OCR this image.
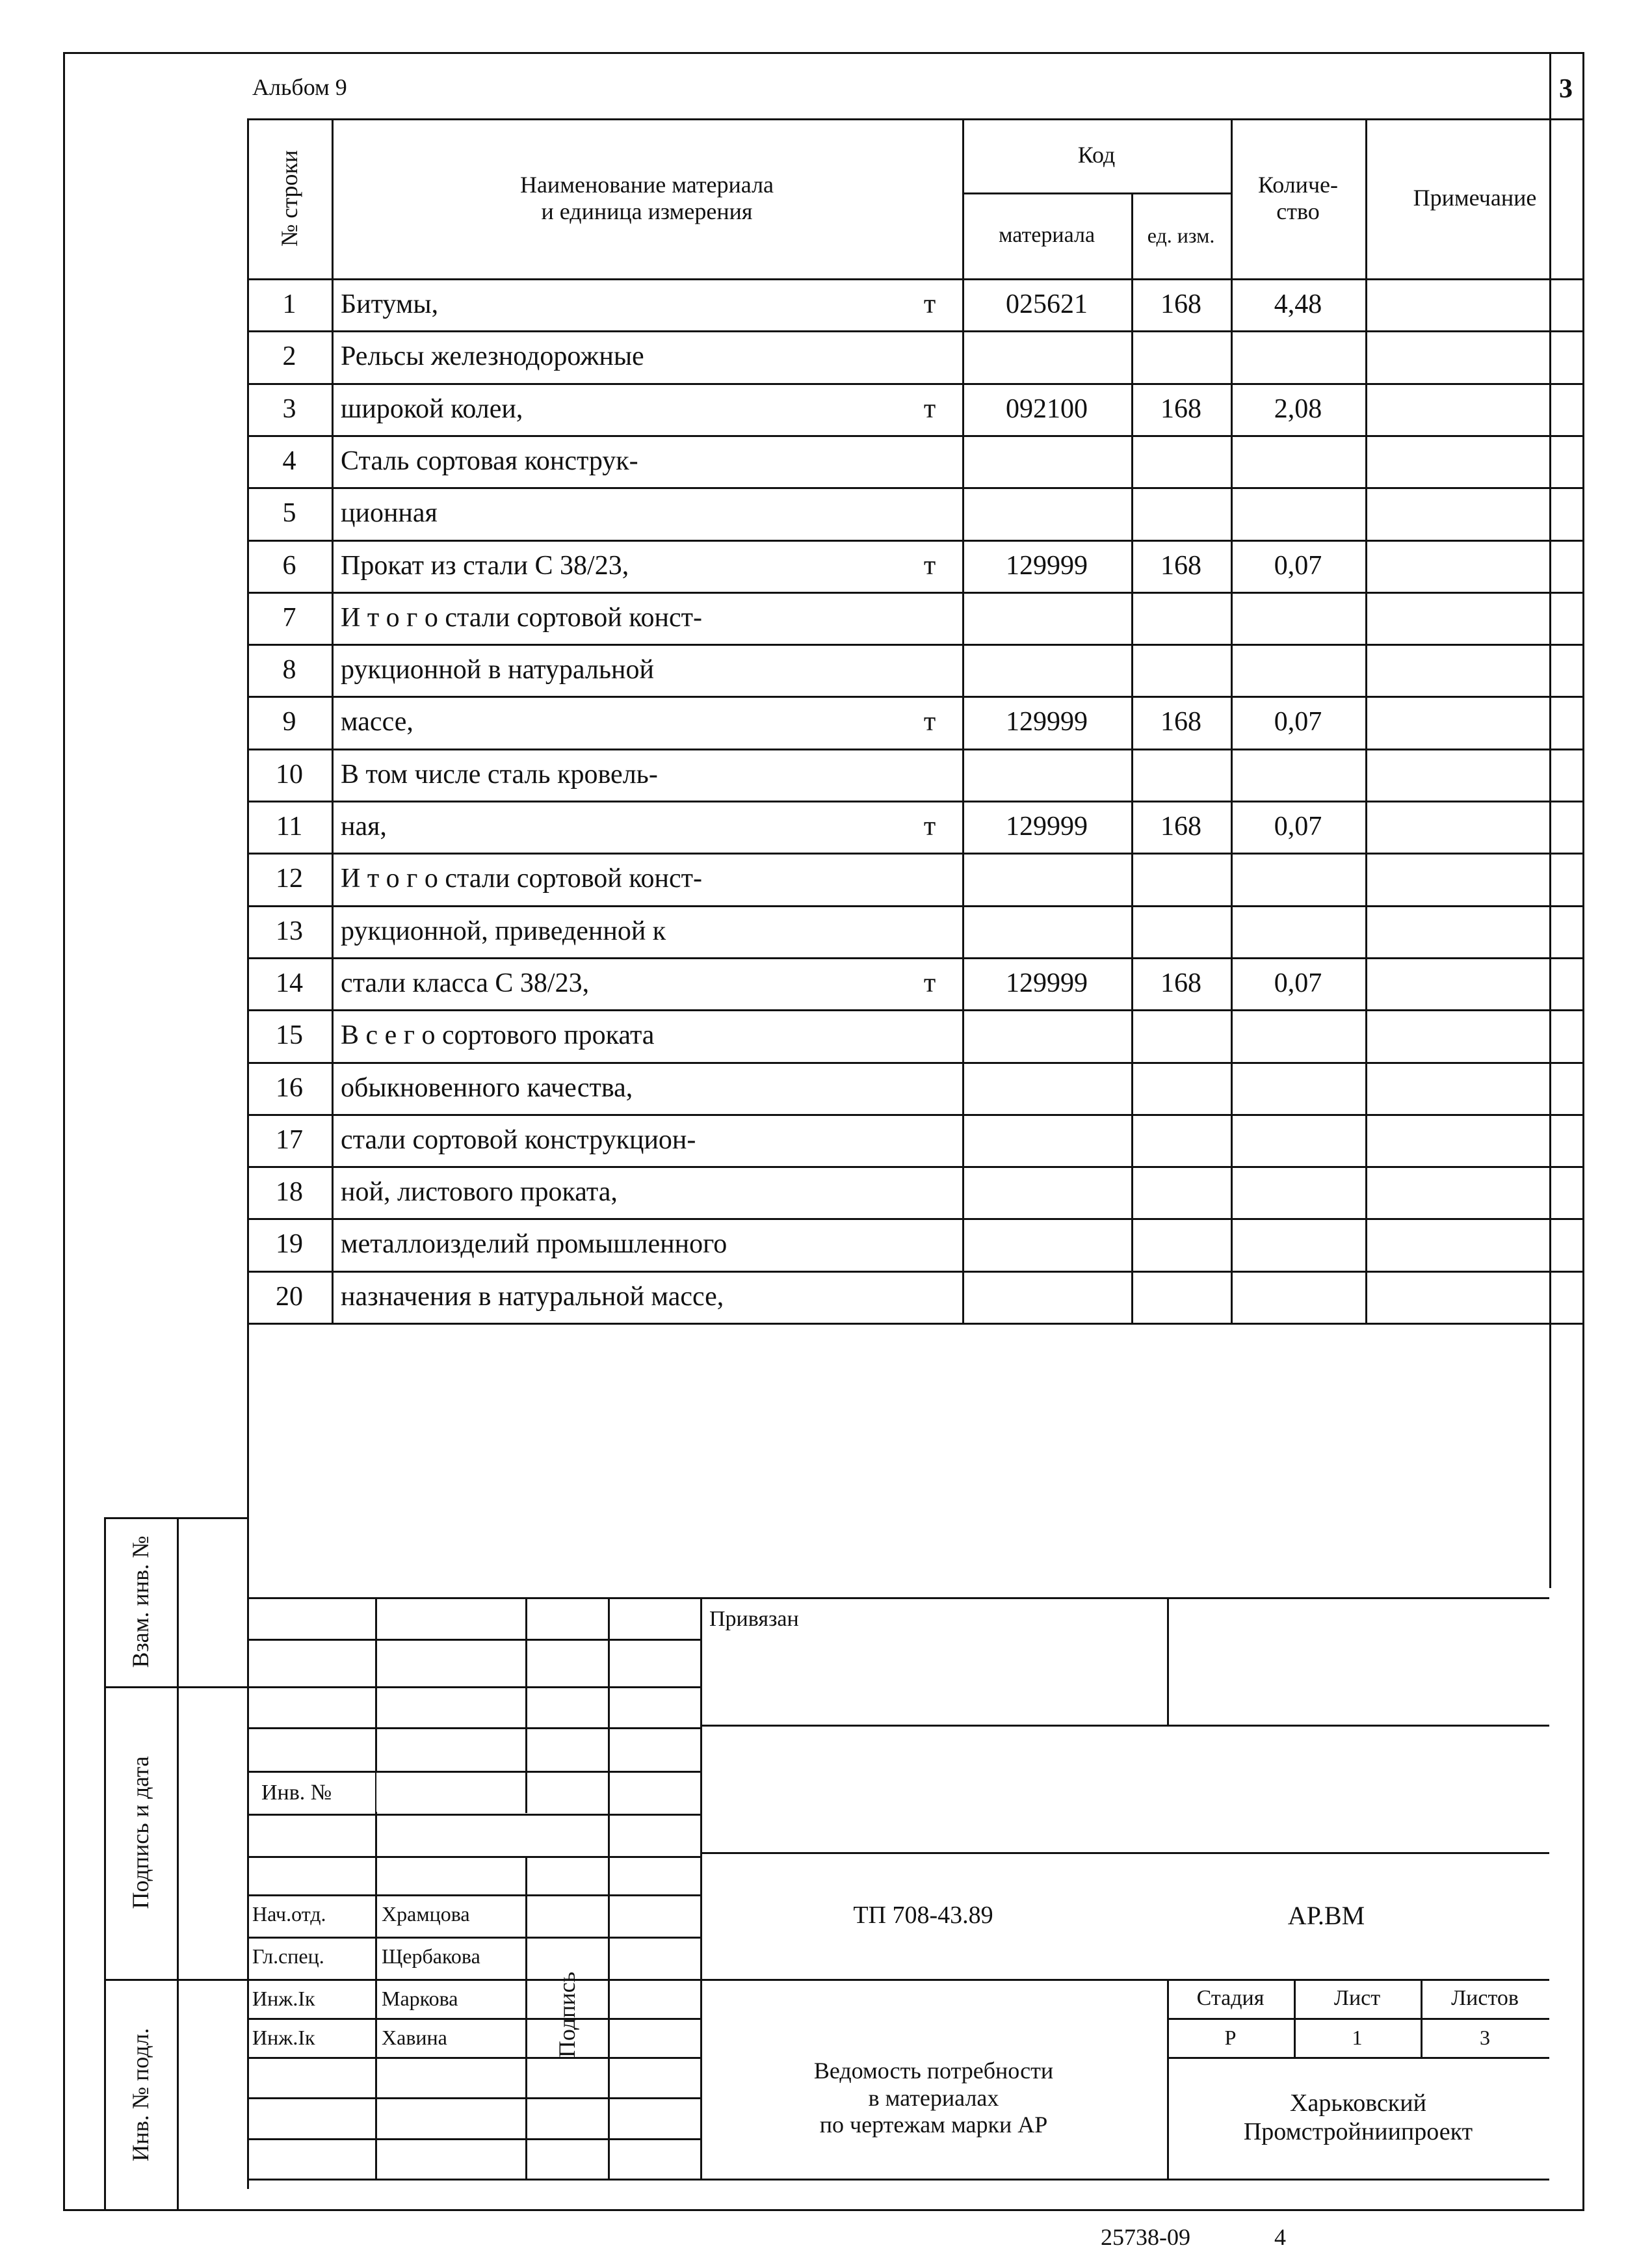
Альбом 9	3
№ строки	Наименование материала
и единица измерения
Код
материала	ед. изм.
Количе-
ство
Примечание
1	Битумы,	т	025621	168	4,48
2	Рельсы железнодорожные
3	широкой колеи,	т	092100	168	2,08
4	Сталь сортовая конструк-
5	ционная
6	Прокат из стали С 38/23,	т	129999	168	0,07
7	И т о г о стали сортовой конст-
8	рукционной в натуральной
9	массе,	т	129999	168	0,07
10	В том числе сталь кровель-
11	ная,	т	129999	168	0,07
12	И т о г о стали сортовой конст-
13	рукционной, приведенной к
14	стали класса С 38/23,	т	129999	168	0,07
15	В с е г о сортового проката
16	обыкновенного качества,
17	стали сортовой конструкцион-
18	ной, листового проката,
19	металлоизделий промышленного
20	назначения в натуральной массе,
Взам. инв. №
Подпись и дата
Инв. № подл.
Привязан
Инв. №
ТП 708-43.89	АР.ВМ
Подпись
Нач.отд.	Храмцова
Гл.спец.	Щербакова
Инж.Ік	Маркова
Инж.Ік	Хавина
Ведомость потребности
в материалах
по чертежам марки АР
Стадия	Лист	Листов
Р	1	3
Харьковский
Промстройниипроект
25738-09	4
